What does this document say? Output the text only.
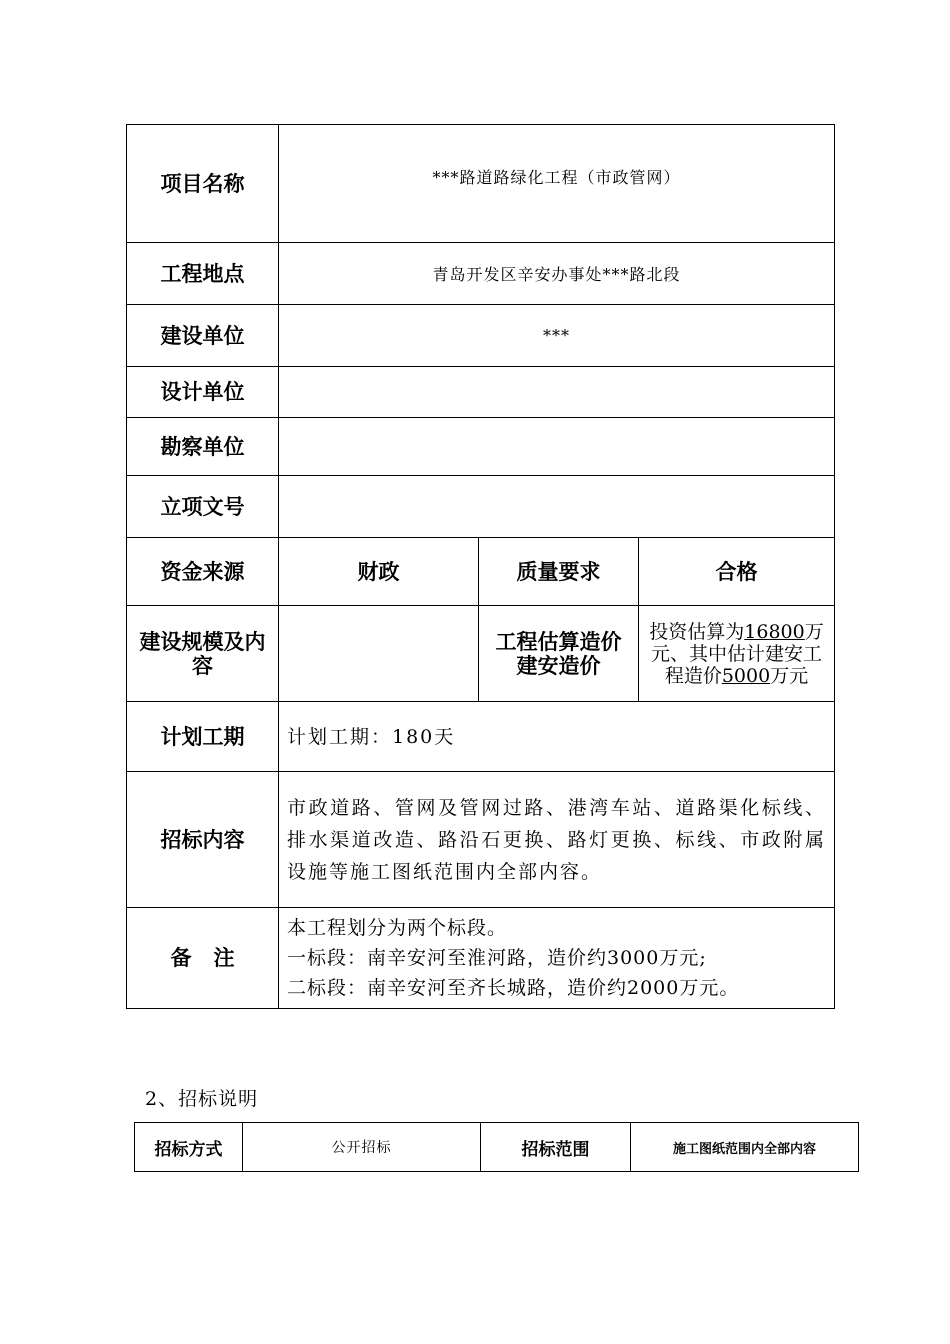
项目名称	***路道路绿化工程（市政管网）		
工程地点	青岛开发区辛安办事处***路北段		
建设单位	***		
设计单位			
勘察单位			
立项文号			
资金来源	财政	质量要求	合格
建设规模及内容		工程估算造价建安造价	投资估算为16800万元、其中估计建安工程造价5000万元
计划工期	计划工期：180天		
招标内容	市政道路、管网及管网过路、港湾车站、道路渠化标线、排水渠道改造、路沿石更换、路灯更换、标线、市政附属设施等施工图纸范围内全部内容。		
备注	本工程划分为两个标段。
一标段：南辛安河至淮河路，造价约3000万元;
二标段：南辛安河至齐长城路，造价约2000万元。		
2、招标说明
招标方式	公开招标	招标范围	施工图纸范围内全部内容
